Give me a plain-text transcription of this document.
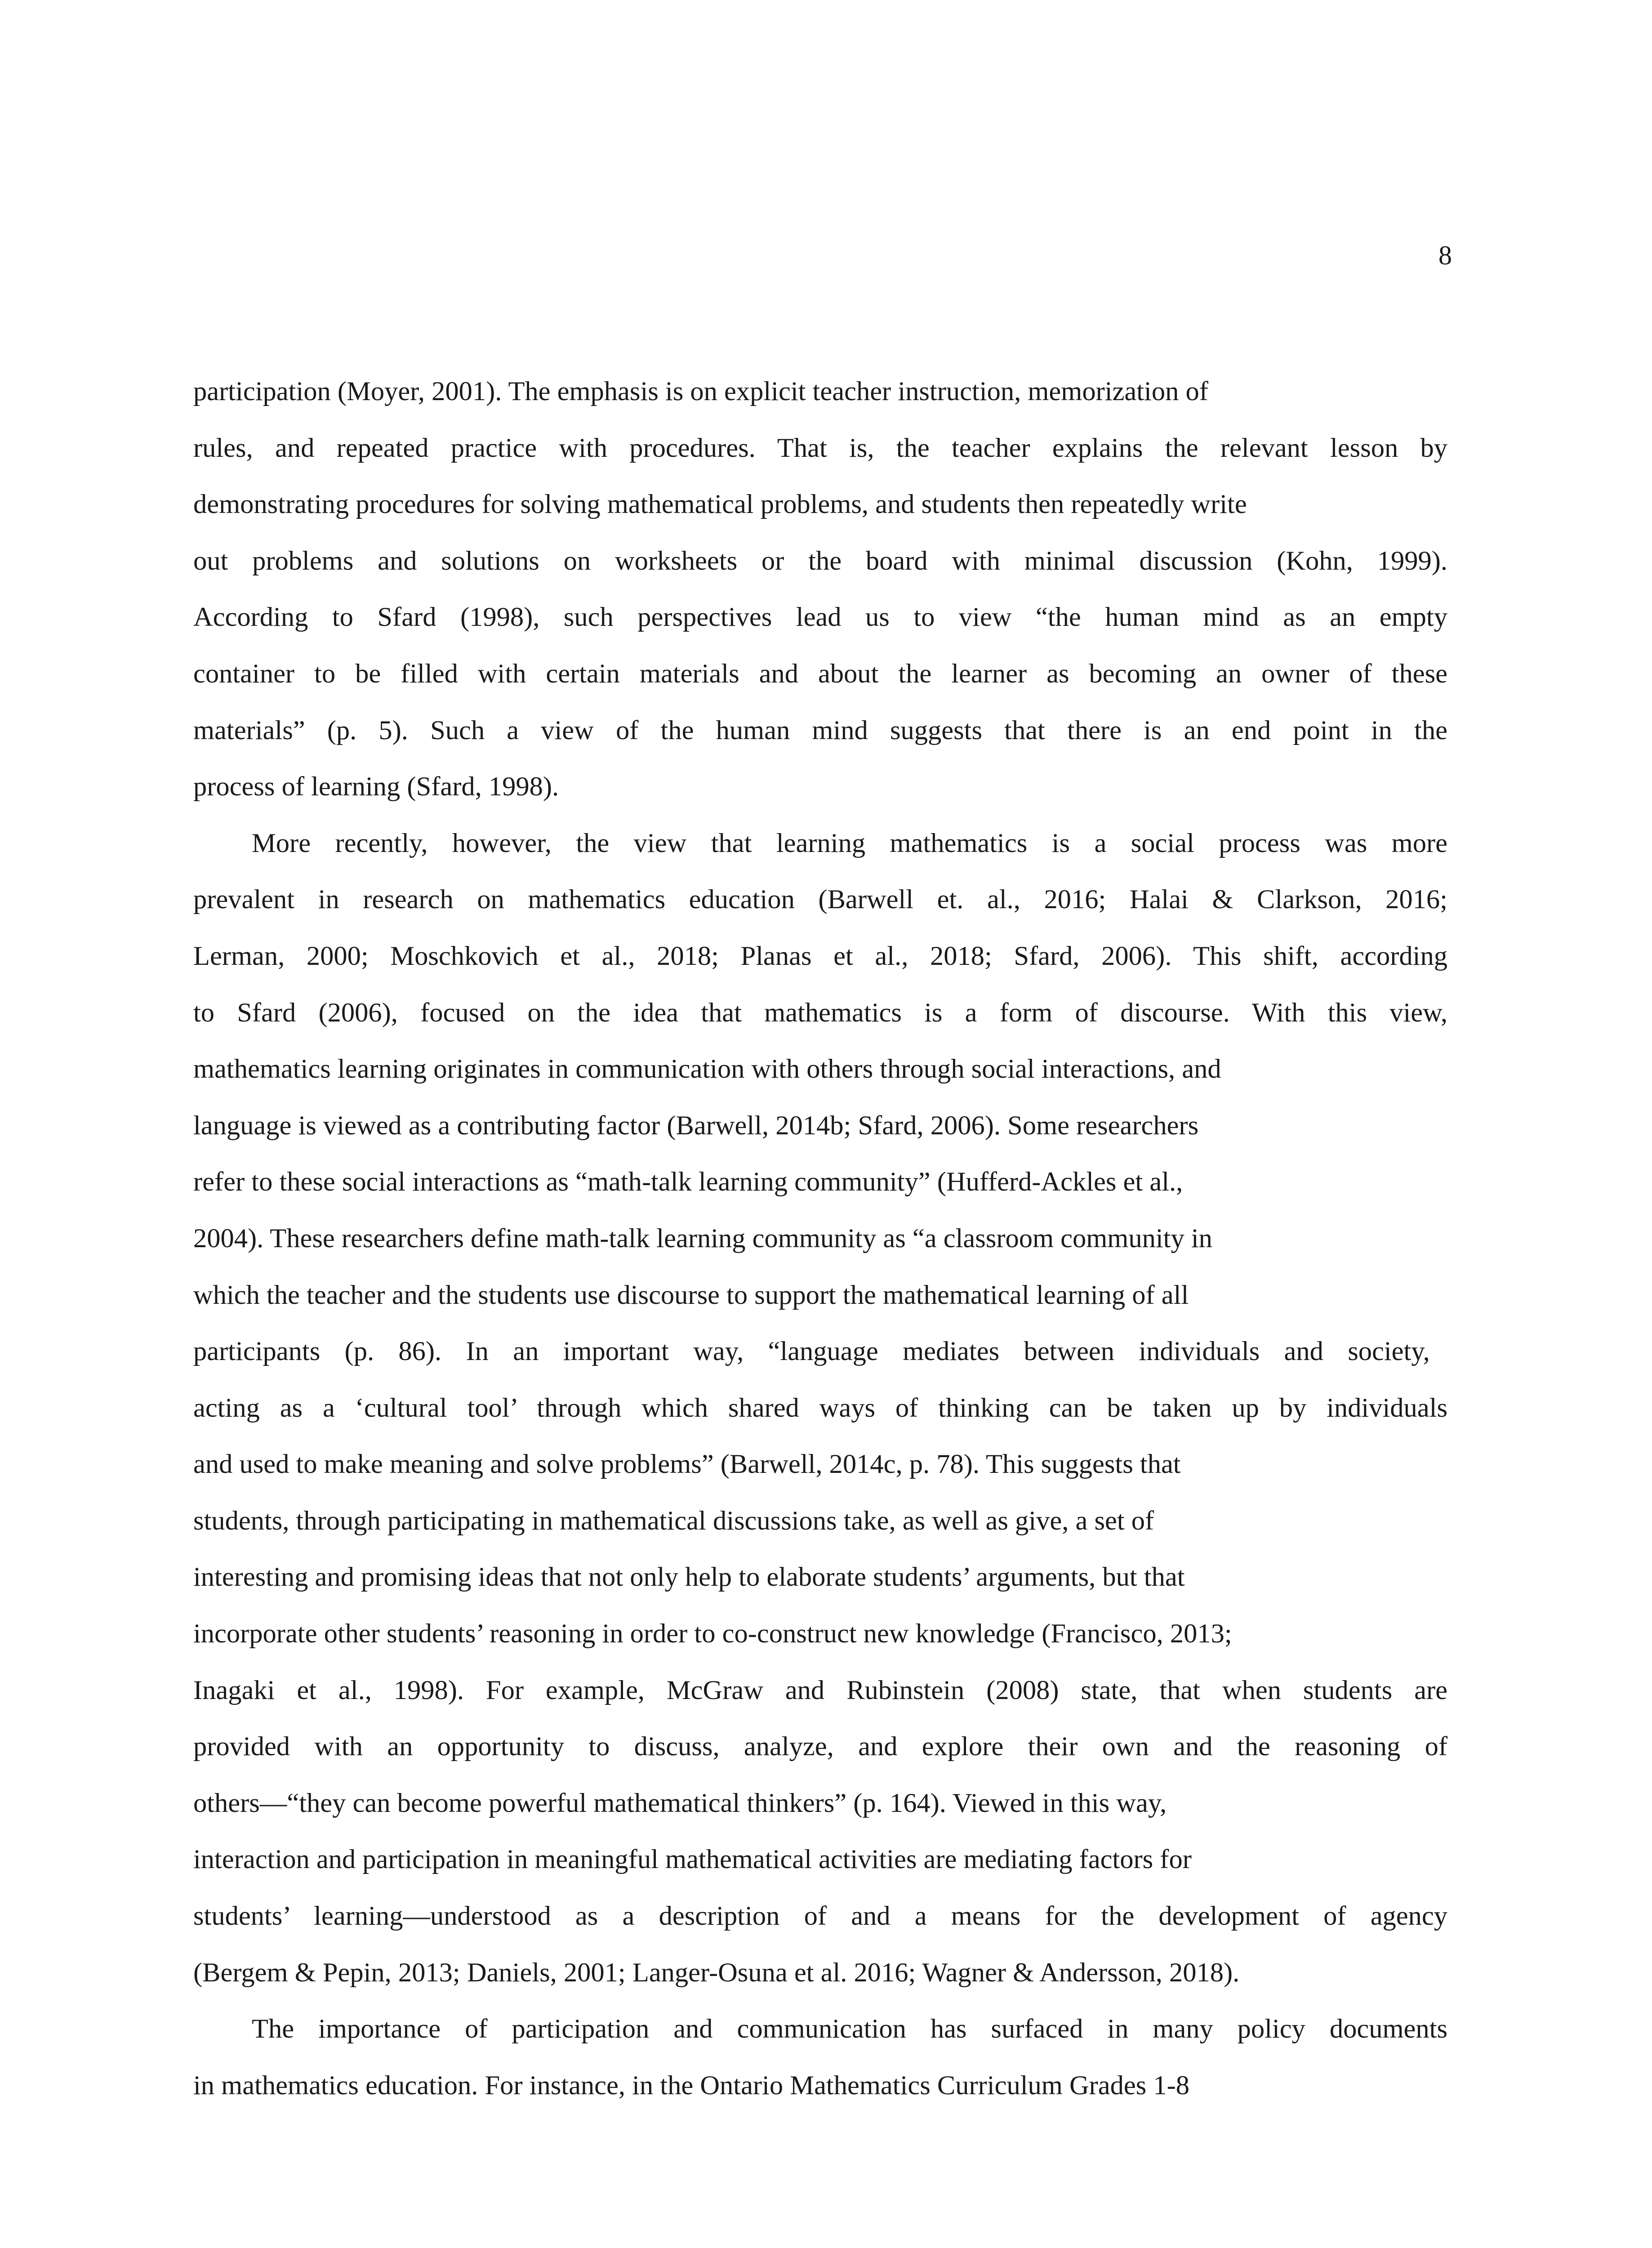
8

participation (Moyer, 2001). The emphasis is on explicit teacher instruction, memorization of

rules, and repeated practice with procedures. That is, the teacher explains the relevant lesson by

demonstrating procedures for solving mathematical problems, and students then repeatedly write

out problems and solutions on worksheets or the board with minimal discussion (Kohn, 1999).

According to Sfard (1998), such perspectives lead us to view “the human mind as an empty

container to be filled with certain materials and about the learner as becoming an owner of these

materials” (p. 5). Such a view of the human mind suggests that there is an end point in the

process of learning (Sfard, 1998).

More recently, however, the view that learning mathematics is a social process was more

prevalent in research on mathematics education (Barwell et. al., 2016; Halai & Clarkson, 2016;

Lerman, 2000; Moschkovich et al., 2018; Planas et al., 2018; Sfard, 2006). This shift, according

to Sfard (2006), focused on the idea that mathematics is a form of discourse. With this view,

mathematics learning originates in communication with others through social interactions, and

language is viewed as a contributing factor (Barwell, 2014b; Sfard, 2006). Some researchers

refer to these social interactions as “math-talk learning community” (Hufferd-Ackles et al.,

2004). These researchers define math-talk learning community as “a classroom community in

which the teacher and the students use discourse to support the mathematical learning of all

participants (p. 86). In an important way, “language mediates between individuals and society,

acting as a ‘cultural tool’ through which shared ways of thinking can be taken up by individuals

and used to make meaning and solve problems” (Barwell, 2014c, p. 78). This suggests that

students, through participating in mathematical discussions take, as well as give, a set of

interesting and promising ideas that not only help to elaborate students’ arguments, but that

incorporate other students’ reasoning in order to co-construct new knowledge (Francisco, 2013;

Inagaki et al., 1998). For example, McGraw and Rubinstein (2008) state, that when students are

provided with an opportunity to discuss, analyze, and explore their own and the reasoning of

others—“they can become powerful mathematical thinkers” (p. 164). Viewed in this way,

interaction and participation in meaningful mathematical activities are mediating factors for

students’ learning—understood as a description of and a means for the development of agency

(Bergem & Pepin, 2013; Daniels, 2001; Langer-Osuna et al. 2016; Wagner & Andersson, 2018).

The importance of participation and communication has surfaced in many policy documents

in mathematics education. For instance, in the Ontario Mathematics Curriculum Grades 1-8
